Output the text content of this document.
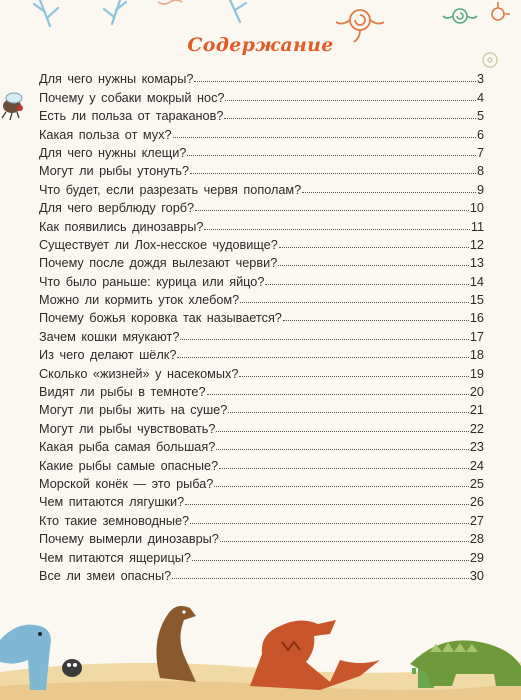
Содержание
Для чего нужны комары?	3
Почему у собаки мокрый нос?	4
Есть ли польза от тараканов?	5
Какая польза от мух?	6
Для чего нужны клещи?	7
Могут ли рыбы утонуть?	8
Что будет, если разрезать червя пополам?	9
Для чего верблюду горб?	10
Как появились динозавры?	11
Существует ли Лох-несское чудовище?	12
Почему после дождя вылезают черви?	13
Что было раньше: курица или яйцо?	14
Можно ли кормить уток хлебом?	15
Почему божья коровка так называется?	16
Зачем кошки мяукают?	17
Из чего делают шёлк?	18
Сколько «жизней» у насекомых?	19
Видят ли рыбы в темноте?	20
Могут ли рыбы жить на суше?	21
Могут ли рыбы чувствовать?	22
Какая рыба самая большая?	23
Какие рыбы самые опасные?	24
Морской конёк — это рыба?	25
Чем питаются лягушки?	26
Кто такие земноводные?	27
Почему вымерли динозавры?	28
Чем питаются ящерицы?	29
Все ли змеи опасны?	30
